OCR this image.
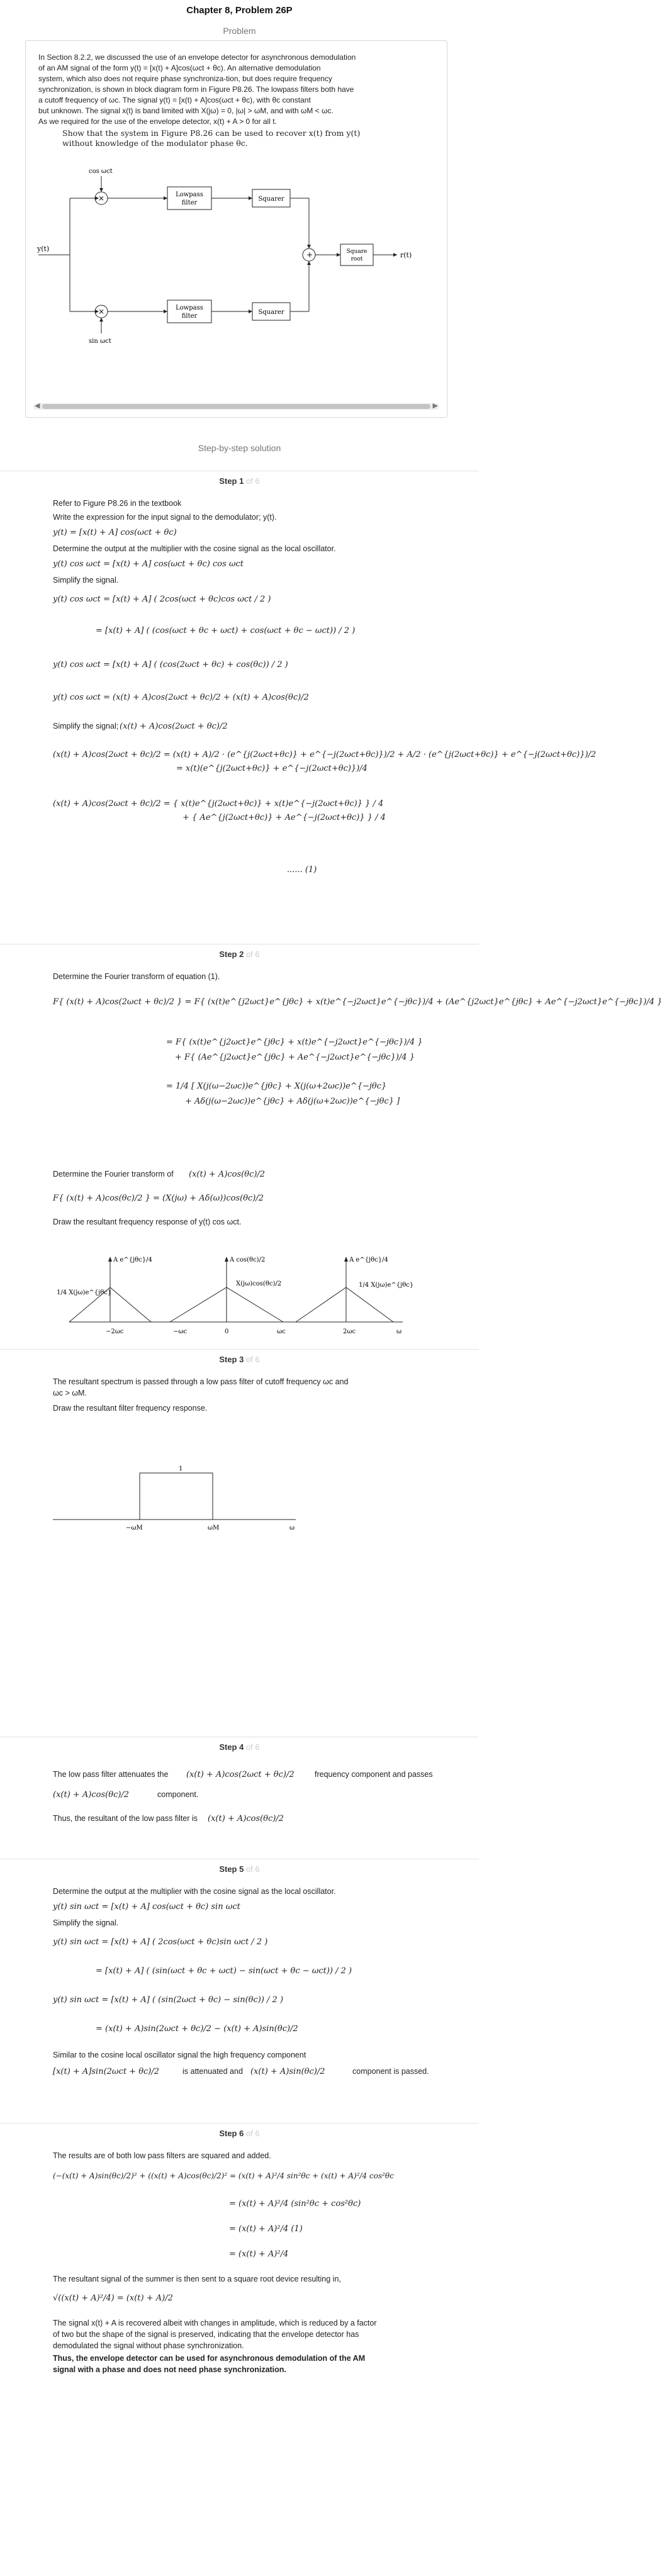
Chapter 8, Problem 26P
Problem
In Section 8.2.2, we discussed the use of an envelope detector for asynchronous demodulation
of an AM signal of the form y(t) = [x(t) + A]cos(ωct + θc). An alternative demodulation
system, which also does not require phase synchroniza-tion, but does require frequency
synchronization, is shown in block diagram form in Figure P8.26. The lowpass filters both have
a cutoff frequency of ωc. The signal y(t) = [x(t) + A]cos(ωct + θc), with θc constant
but unknown. The signal x(t) is band limited with X(jω) = 0, |ω| > ωM, and with ωM < ωc.
As we required for the use of the envelope detector, x(t) + A > 0 for all t.
Show that the system in Figure P8.26 can be used to recover x(t) from y(t)
without knowledge of the modulator phase θc.
y(t)
cos ωct
sin ωct
×
×
Lowpass
filter
Lowpass
filter
Squarer
Squarer
+	Square
root	r(t)
◀	▶
Step-by-step solution
Step 1 of 6
Refer to Figure P8.26 in the textbook
Write the expression for the input signal to the demodulator; y(t).
y(t) = [x(t) + A] cos(ωct + θc)
Determine the output at the multiplier with the cosine signal as the local oscillator.
y(t) cos ωct = [x(t) + A] cos(ωct + θc) cos ωct
Simplify the signal.
y(t) cos ωct = [x(t) + A] ( 2cos(ωct + θc)cos ωct / 2 )
= [x(t) + A] ( (cos(ωct + θc + ωct) + cos(ωct + θc − ωct)) / 2 )
y(t) cos ωct = [x(t) + A] ( (cos(2ωct + θc) + cos(θc)) / 2 )
y(t) cos ωct = (x(t) + A)cos(2ωct + θc)/2 + (x(t) + A)cos(θc)/2
Simplify the signal; (x(t) + A)cos(2ωct + θc)/2
(x(t) + A)cos(2ωct + θc)/2 = (x(t) + A)/2 · (e^{j(2ωct+θc)} + e^{−j(2ωct+θc)})/2 + A/2 · (e^{j(2ωct+θc)} + e^{−j(2ωct+θc)})/2
= x(t)(e^{j(2ωct+θc)} + e^{−j(2ωct+θc)})/4
(x(t) + A)cos(2ωct + θc)/2 = { x(t)e^{j(2ωct+θc)} + x(t)e^{−j(2ωct+θc)} } / 4
+ { Ae^{j(2ωct+θc)} + Ae^{−j(2ωct+θc)} } / 4
...... (1)
Step 2 of 6
Determine the Fourier transform of equation (1).
F{ (x(t) + A)cos(2ωct + θc)/2 } = F{ (x(t)e^{j2ωct}e^{jθc} + x(t)e^{−j2ωct}e^{−jθc})/4 + (Ae^{j2ωct}e^{jθc} + Ae^{−j2ωct}e^{−jθc})/4 }
= F{ (x(t)e^{j2ωct}e^{jθc} + x(t)e^{−j2ωct}e^{−jθc})/4 }
+ F{ (Ae^{j2ωct}e^{jθc} + Ae^{−j2ωct}e^{−jθc})/4 }
= 1/4 [ X(j(ω−2ωc))e^{jθc} + X(j(ω+2ωc))e^{−jθc}
+ Aδ(j(ω−2ωc))e^{jθc} + Aδ(j(ω+2ωc))e^{−jθc} ]
Determine the Fourier transform of (x(t) + A)cos(θc)/2
F{ (x(t) + A)cos(θc)/2 } = (X(jω) + Aδ(ω))cos(θc)/2
Draw the resultant frequency response of y(t) cos ωct.
A e^{jθc}/4	A cos(θc)/2
X(jω)cos(θc)/2
1/4 X(jω)e^{jθc}
A e^{jθc}/4
1/4 X(jω)e^{jθc}
−2ωc	−ωc	0	ωc	2ωc	ω
Step 3 of 6
The resultant spectrum is passed through a low pass filter of cutoff frequency ωc and
ωc > ωM.
Draw the resultant filter frequency response.
1
−ωM	ωM	ω
Step 4 of 6
The low pass filter attenuates the (x(t) + A)cos(2ωct + θc)/2	frequency component and passes
(x(t) + A)cos(θc)/2	component.
Thus, the resultant of the low pass filter is (x(t) + A)cos(θc)/2
Step 5 of 6
Determine the output at the multiplier with the cosine signal as the local oscillator.
y(t) sin ωct = [x(t) + A] cos(ωct + θc) sin ωct
Simplify the signal.
y(t) sin ωct = [x(t) + A] ( 2cos(ωct + θc)sin ωct / 2 )
= [x(t) + A] ( (sin(ωct + θc + ωct) − sin(ωct + θc − ωct)) / 2 )
y(t) sin ωct = [x(t) + A] ( (sin(2ωct + θc) − sin(θc)) / 2 )
= (x(t) + A)sin(2ωct + θc)/2 − (x(t) + A)sin(θc)/2
Similar to the cosine local oscillator signal the high frequency component
[x(t) + A]sin(2ωct + θc)/2	is attenuated and (x(t) + A)sin(θc)/2	component is passed.
Step 6 of 6
The results are of both low pass filters are squared and added.
(−(x(t) + A)sin(θc)/2)² + ((x(t) + A)cos(θc)/2)² = (x(t) + A)²/4 sin²θc + (x(t) + A)²/4 cos²θc
= (x(t) + A)²/4 (sin²θc + cos²θc)
= (x(t) + A)²/4 (1)
= (x(t) + A)²/4
The resultant signal of the summer is then sent to a square root device resulting in,
√((x(t) + A)²/4) = (x(t) + A)/2
The signal x(t) + A is recovered albeit with changes in amplitude, which is reduced by a factor
of two but the shape of the signal is preserved, indicating that the envelope detector has
demodulated the signal without phase synchronization.
Thus, the envelope detector can be used for asynchronous demodulation of the AM
signal with a phase and does not need phase synchronization.
